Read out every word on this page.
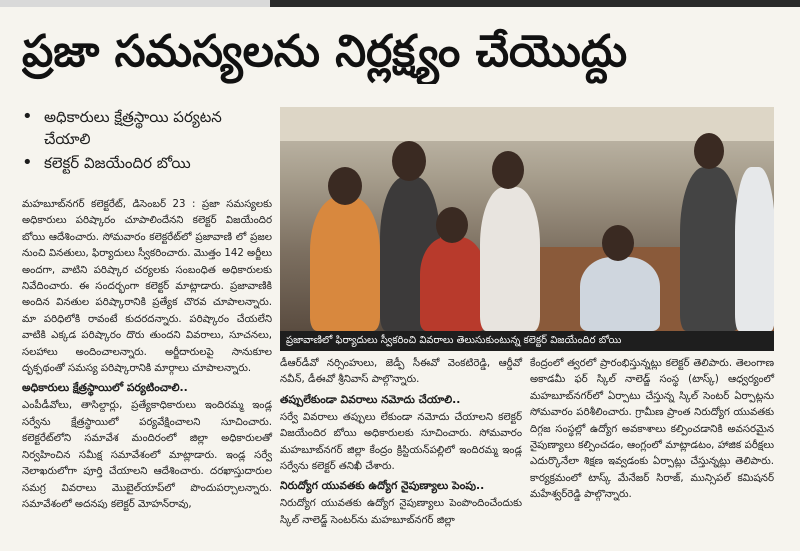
ప్రజా సమస్యలను నిర్లక్ష్యం చేయొద్దు
• అధికారులు క్షేత్రస్థాయి పర్యటన చేయాలి
• కలెక్టర్ విజయేందిర బోయి

మహబూబ్‌నగర్ కలెక్టరేట్, డిసెంబర్ 23 : ప్రజా సమస్యలకు అధికారులు పరిష్కారం చూపాలిందేనని కలెక్టర్ విజయేందిర బోయి ఆదేశించారు. సోమవారం కలెక్టరేట్‌లో ప్రజావాణి లో ప్రజల నుంచి వినతులు, ఫిర్యాదులు స్వీకరించారు. మొత్తం 142 అర్జీలు అందగా, వాటిని పరిష్కార చర్యలకు సంబంధిత అధికారులకు నివేదించారు. ఈ సందర్భంగా కలెక్టర్ మాట్లాడారు. ప్రజావాణికి అందిన వినతుల పరిష్కారానికి ప్రత్యేక చొరవ చూపాలన్నారు. మా పరిధిలోకి రావంటే కుదరదన్నారు. పరిష్కారం చేయలేని వాటికి ఎక్కడ పరిష్కారం దొరు తుందని వివరాలు, సూచనలు, సలహాలు అందించాలన్నారు. అర్జీదారులపై సానుకూల దృక్పథంతో సమస్య పరిష్కారానికి మార్గాలు చూపాలన్నారు.

అధికారులు క్షేత్రస్థాయిలో పర్యటించాలి..

ఎంపీడీవోలు, తాసిల్దార్లు, ప్రత్యేకాధికారులు ఇందిరమ్మ ఇండ్ల సర్వేను క్షేత్రస్థాయిలో పర్యవేక్షించాలని సూచించారు. కలెక్టరేట్‌లోని సమావేశ మందిరంలో జిల్లా అధికారులతో నిర్వహించిన సమీక్ష సమావేశంలో మాట్లాడారు. ఇండ్ల సర్వే నెలాఖరులోగా పూర్తి చేయాలని ఆదేశించారు. దరఖాస్తుదారుల సమగ్ర వివరాలు మొబైల్‌యాప్‌లో పొందుపర్చాలన్నారు. సమావేశంలో అదనపు కలెక్టర్ మోహన్‌రావు,

ప్రజావాణిలో ఫిర్యాదులు స్వీకరించి వివరాలు తెలుసుకుంటున్న కలెక్టర్ విజయేందిర బోయి

డీఆర్‌డీవో నర్సింహులు, జెడ్పీ సీఈవో వెంకటిరెడ్డి, ఆర్డీవో నవీన్, డీఈవో శ్రీనివాస్ పాల్గొన్నారు.

తప్పులేకుండా వివరాలు నమోదు చేయాలి..

సర్వే వివరాలు తప్పులు లేకుండా నమోదు చేయాలని కలెక్టర్ విజయేందిర బోయి అధికారులకు సూచించారు. సోమవారం మహబూబ్‌నగర్ జిల్లా కేంద్రం క్రిస్టియన్‌పల్లిలో ఇందిరమ్మ ఇండ్ల సర్వేను కలెక్టర్ తనిఖీ చేశారు.

నిరుద్యోగ యువతకు ఉద్యోగ నైపుణ్యాలు పెంపు..

నిరుద్యోగ యువతకు ఉద్యోగ నైపుణ్యాలు పెంపొందించేందుకు స్కిల్ నాలెడ్జ్ సెంటర్‌ను మహబూబ్‌నగర్ జిల్లా

కేంద్రంలో త్వరలో ప్రారంభిస్తున్నట్లు కలెక్టర్ తెలిపారు. తెలంగాణ అకాడమీ ఫర్ స్కిల్ నాలెడ్జ్ సంస్థ (టాస్క్) ఆధ్వర్యంలో మహబూబ్‌నగర్‌లో ఏర్పాటు చేస్తున్న స్కిల్ సెంటర్ ఏర్పాట్లను సోమవారం పరిశీలించారు. గ్రామీణ ప్రాంత నిరుద్యోగ యువతకు దిగ్గజ సంస్థల్లో ఉద్యోగ అవకాశాలు కల్పించడానికి అవసరమైన నైపుణ్యాలు కల్పించడం, ఆంగ్లంలో మాట్లాడటం, హాజిక పరీక్షలు ఎదుర్కొనేలా శిక్షణ ఇవ్వడంకు ఏర్పాట్లు చేస్తున్నట్లు తెలిపారు. కార్యక్రమంలో టాస్క్ మేనేజర్ సిరాజ్, మున్సిపల్ కమిషనర్ మహేశ్వర్‌రెడ్డి పాల్గొన్నారు.
